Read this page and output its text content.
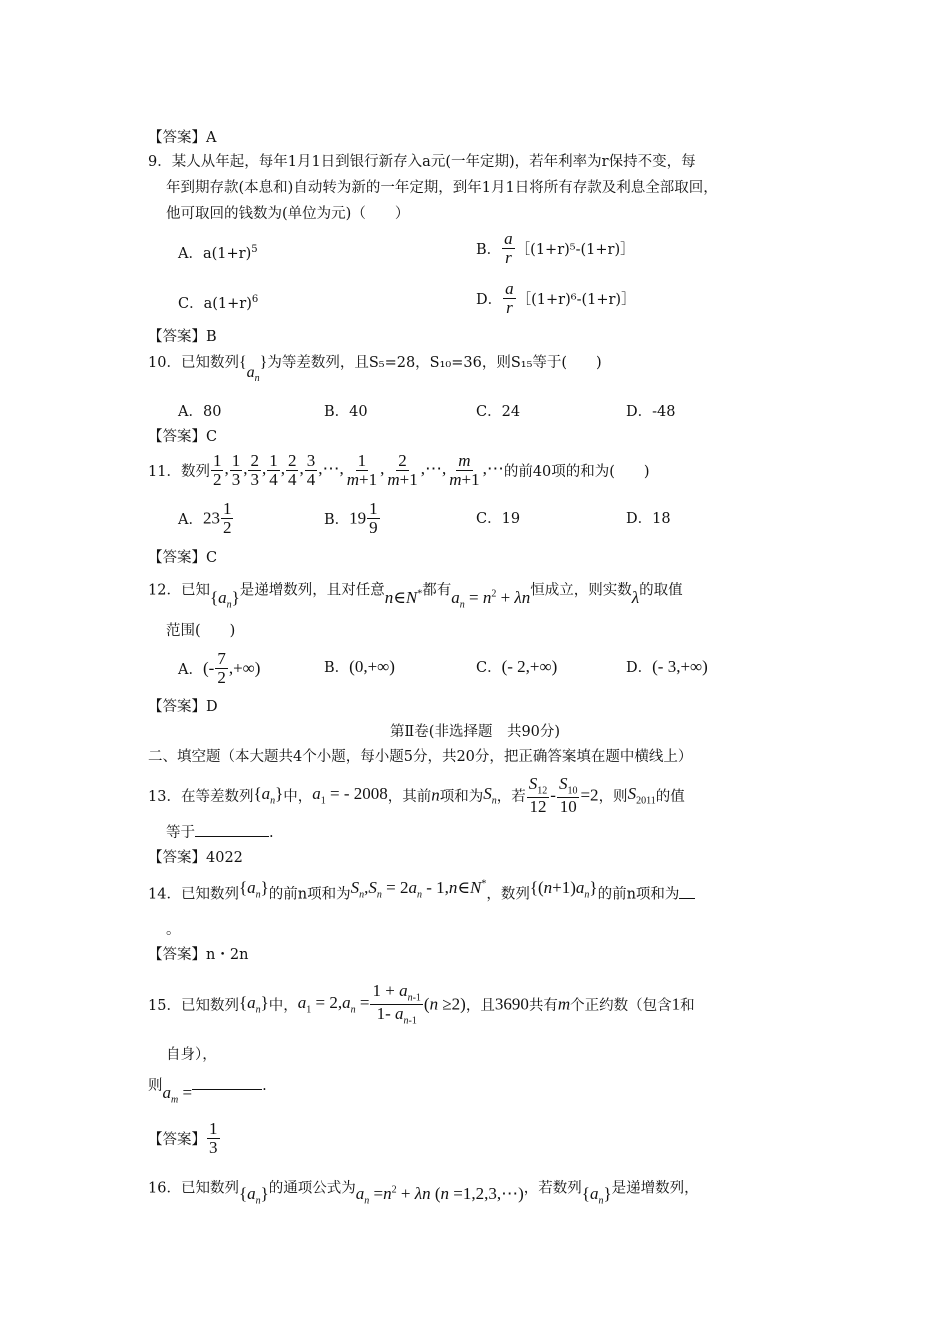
【答案】A
9．某人从年起，每年1月1日到银行新存入a元(一年定期)，若年利率为r保持不变，每
年到期存款(本息和)自动转为新的一年定期，到年1月1日将所有存款及利息全部取回，
他可取回的钱数为(单位为元)（　　）
A．$a(1+r)^5$	B． $\frac{a}{r}$ ［(1+r)⁵-(1+r)］
C．$a(1+r)^6$	D． $\frac{a}{r}$ ［(1+r)⁶-(1+r)］
【答案】B
10．已知数列$\{a_n\}$为等差数列，且S₅=28，S₁₀=36，则S₁₅等于(　　)
A．80	B．40	C．24	D．-48
【答案】C
11．数列 $\frac{1}{2}$ , $\frac{1}{3}$ , $\frac{2}{3}$ , $\frac{1}{4}$ , $\frac{2}{4}$ , $\frac{3}{4}$ ,⋯, $\frac{1}{m+1}$ , $\frac{2}{m+1}$ ,⋯, $\frac{m}{m+1}$ ,⋯的前40项的和为(　　)
A．$23 \frac{1}{2}$	B．$19 \frac{1}{9}$	C．19	D．18
【答案】C
12．已知$\{a_n\}$是递增数列，且对任意n∈N*都有$a_n = n^2 + \lambda n$恒成立，则实数λ的取值
范围(　　)
A．(- $\frac{7}{2}$ ,+∞)	B．(0,+∞)	C．(- 2,+∞)	D．(- 3,+∞)
【答案】D
第Ⅱ卷(非选择题　共90分)
二、填空题（本大题共4个小题，每小题5分，共20分，把正确答案填在题中横线上）
13．在等差数列$\{a_n\}$中，$a_1$ = - 2008，其前n项和为$S_n$，若 $\frac{S_{12}}{12} - \frac{S_{10}}{10} =2$，则$S_{2011}$的值
等于	.
【答案】4022
14．已知数列$\{a_n\}$的前n项和为$S_n,S_n = 2a_n$ - 1,n∈N*，数列$\{(n+1)a_n\}$的前n项和为
。
【答案】n・2n
15．已知数列$\{a_n\}$中，$a_1 = 2,a_n = \frac{1 + a_{n-1}}{1- a_{n-1}} (n \ge 2)$，且3690共有m个正约数（包含1和
自身），
则$a_m$ =	.
【答案】 $\frac{1}{3}$
16．已知数列$\{a_n\}$的通项公式为$a_n =n^2 + \lambda n$ (n =1,2,3,⋯)，若数列$\{a_n\}$是递增数列，
